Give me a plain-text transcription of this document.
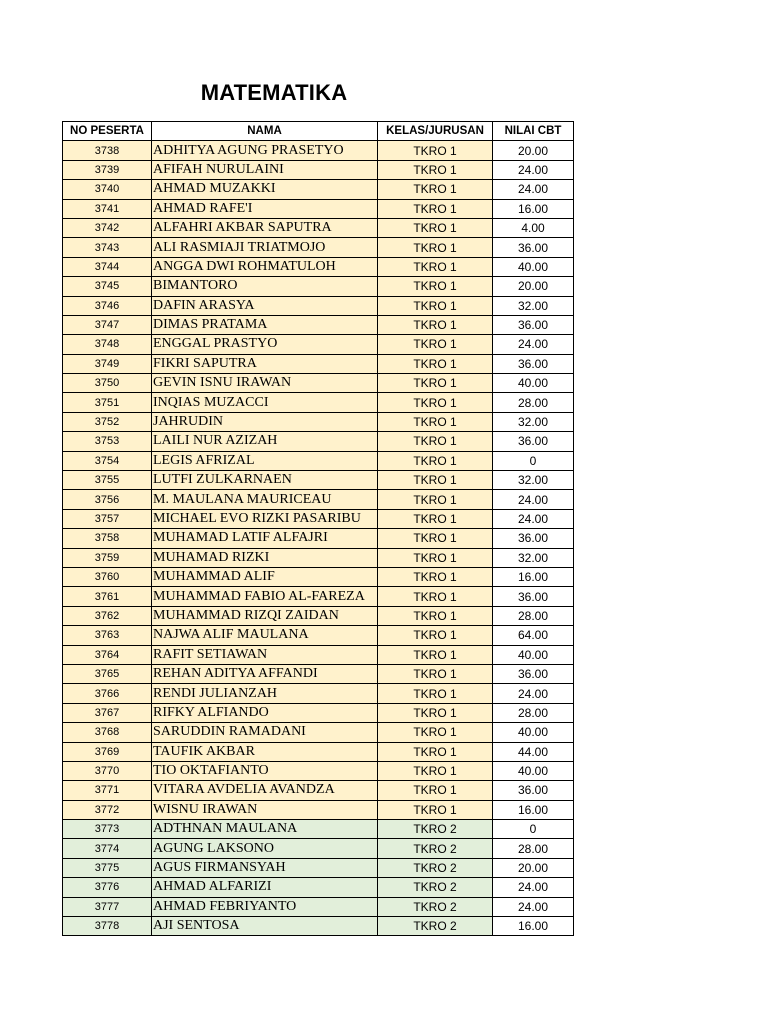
MATEMATIKA
NO PESERTA	NAMA	KELAS/JURUSAN	NILAI CBT
3738	ADHITYA AGUNG PRASETYO	TKRO 1	20.00
3739	AFIFAH NURULAINI	TKRO 1	24.00
3740	AHMAD MUZAKKI	TKRO 1	24.00
3741	AHMAD RAFE'I	TKRO 1	16.00
3742	ALFAHRI AKBAR SAPUTRA	TKRO 1	4.00
3743	ALI RASMIAJI TRIATMOJO	TKRO 1	36.00
3744	ANGGA DWI ROHMATULOH	TKRO 1	40.00
3745	BIMANTORO	TKRO 1	20.00
3746	DAFIN ARASYA	TKRO 1	32.00
3747	DIMAS PRATAMA	TKRO 1	36.00
3748	ENGGAL PRASTYO	TKRO 1	24.00
3749	FIKRI SAPUTRA	TKRO 1	36.00
3750	GEVIN ISNU IRAWAN	TKRO 1	40.00
3751	INQIAS MUZACCI	TKRO 1	28.00
3752	JAHRUDIN	TKRO 1	32.00
3753	LAILI NUR AZIZAH	TKRO 1	36.00
3754	LEGIS AFRIZAL	TKRO 1	0
3755	LUTFI ZULKARNAEN	TKRO 1	32.00
3756	M. MAULANA MAURICEAU	TKRO 1	24.00
3757	MICHAEL EVO RIZKI PASARIBU	TKRO 1	24.00
3758	MUHAMAD LATIF ALFAJRI	TKRO 1	36.00
3759	MUHAMAD RIZKI	TKRO 1	32.00
3760	MUHAMMAD ALIF	TKRO 1	16.00
3761	MUHAMMAD FABIO AL-FAREZA	TKRO 1	36.00
3762	MUHAMMAD RIZQI ZAIDAN	TKRO 1	28.00
3763	NAJWA ALIF MAULANA	TKRO 1	64.00
3764	RAFIT SETIAWAN	TKRO 1	40.00
3765	REHAN ADITYA AFFANDI	TKRO 1	36.00
3766	RENDI JULIANZAH	TKRO 1	24.00
3767	RIFKY ALFIANDO	TKRO 1	28.00
3768	SARUDDIN RAMADANI	TKRO 1	40.00
3769	TAUFIK AKBAR	TKRO 1	44.00
3770	TIO OKTAFIANTO	TKRO 1	40.00
3771	VITARA AVDELIA AVANDZA	TKRO 1	36.00
3772	WISNU IRAWAN	TKRO 1	16.00
3773	ADTHNAN MAULANA	TKRO 2	0
3774	AGUNG LAKSONO	TKRO 2	28.00
3775	AGUS FIRMANSYAH	TKRO 2	20.00
3776	AHMAD ALFARIZI	TKRO 2	24.00
3777	AHMAD FEBRIYANTO	TKRO 2	24.00
3778	AJI SENTOSA	TKRO 2	16.00
